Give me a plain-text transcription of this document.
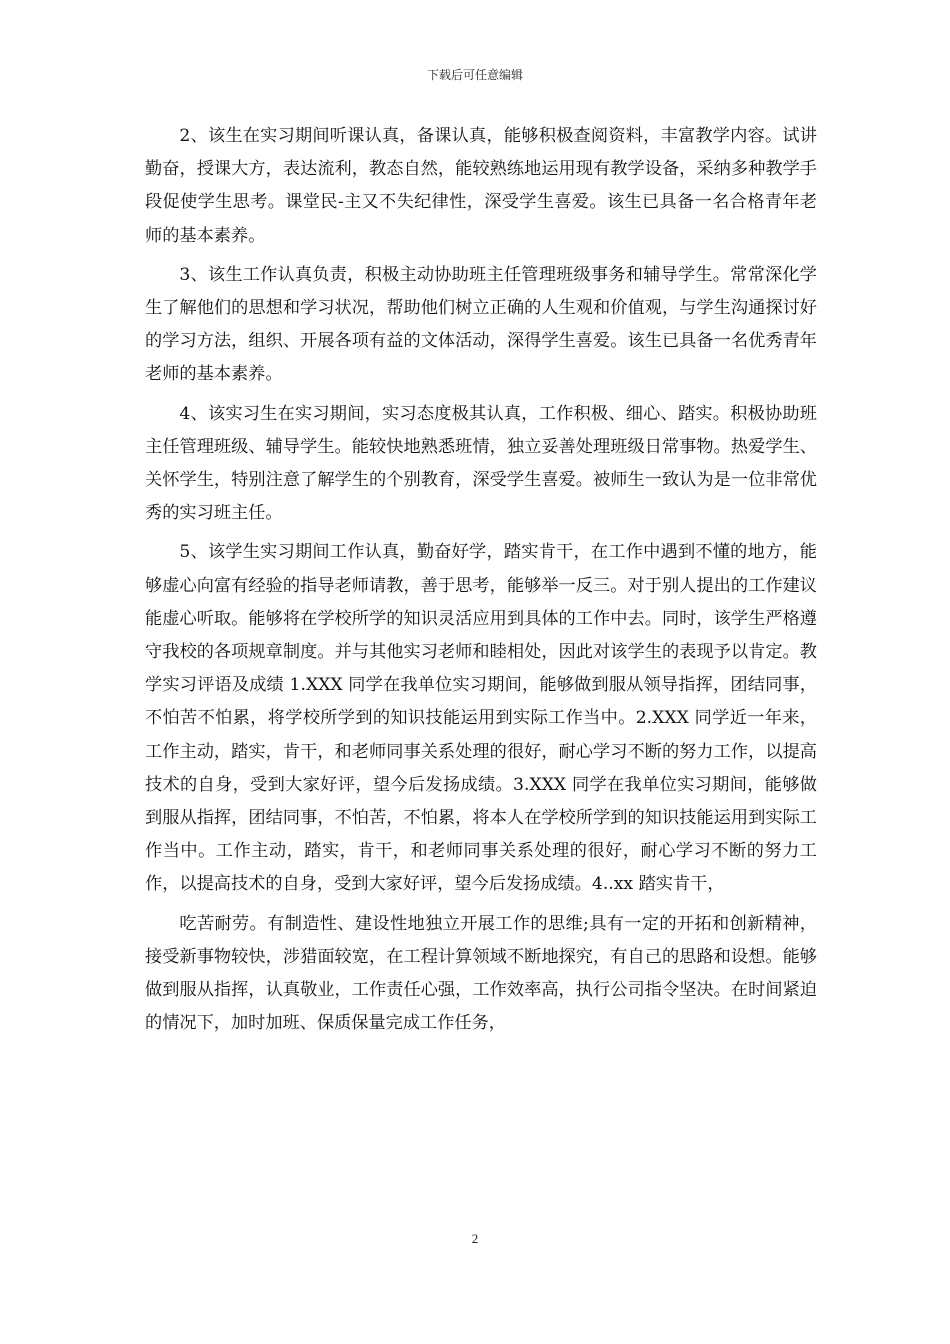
下载后可任意编辑

2、该生在实习期间听课认真，备课认真，能够积极查阅资料，丰富教学内容。试讲勤奋，授课大方，表达流利，教态自然，能较熟练地运用现有教学设备，采纳多种教学手段促使学生思考。课堂民-主又不失纪律性，深受学生喜爱。该生已具备一名合格青年老师的基本素养。

3、该生工作认真负责，积极主动协助班主任管理班级事务和辅导学生。常常深化学生了解他们的思想和学习状况，帮助他们树立正确的人生观和价值观，与学生沟通探讨好的学习方法，组织、开展各项有益的文体活动，深得学生喜爱。该生已具备一名优秀青年老师的基本素养。

4、该实习生在实习期间，实习态度极其认真，工作积极、细心、踏实。积极协助班主任管理班级、辅导学生。能较快地熟悉班情，独立妥善处理班级日常事物。热爱学生、关怀学生，特别注意了解学生的个别教育，深受学生喜爱。被师生一致认为是一位非常优秀的实习班主任。

5、该学生实习期间工作认真，勤奋好学，踏实肯干，在工作中遇到不懂的地方，能够虚心向富有经验的指导老师请教，善于思考，能够举一反三。对于别人提出的工作建议能虚心听取。能够将在学校所学的知识灵活应用到具体的工作中去。同时，该学生严格遵守我校的各项规章制度。并与其他实习老师和睦相处，因此对该学生的表现予以肯定。教学实习评语及成绩 1.XXX 同学在我单位实习期间，能够做到服从领导指挥，团结同事，不怕苦不怕累，将学校所学到的知识技能运用到实际工作当中。2.XXX 同学近一年来，工作主动，踏实，肯干，和老师同事关系处理的很好，耐心学习不断的努力工作，以提高技术的自身，受到大家好评，望今后发扬成绩。3.XXX 同学在我单位实习期间，能够做到服从指挥，团结同事，不怕苦，不怕累，将本人在学校所学到的知识技能运用到实际工作当中。工作主动，踏实，肯干，和老师同事关系处理的很好，耐心学习不断的努力工作，以提高技术的自身，受到大家好评，望今后发扬成绩。4..xx 踏实肯干，

吃苦耐劳。有制造性、建设性地独立开展工作的思维;具有一定的开拓和创新精神，接受新事物较快，涉猎面较宽，在工程计算领域不断地探究，有自己的思路和设想。能够做到服从指挥，认真敬业，工作责任心强，工作效率高，执行公司指令坚决。在时间紧迫的情况下，加时加班、保质保量完成工作任务，

2
